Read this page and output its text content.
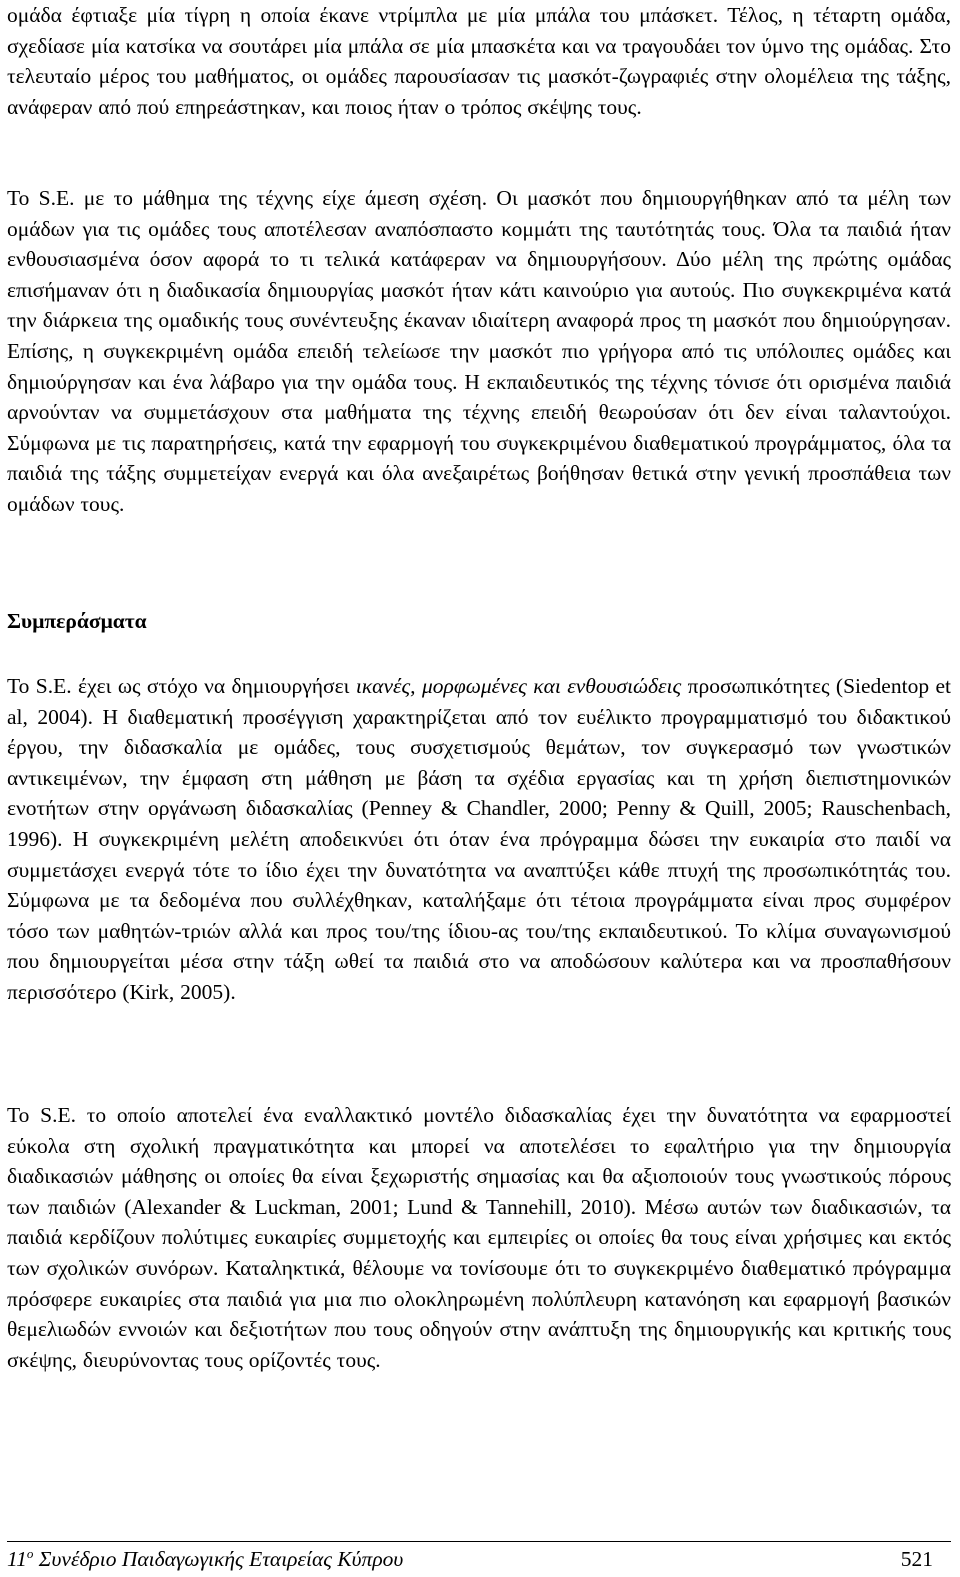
ομάδα έφτιαξε μία τίγρη η οποία έκανε ντρίμπλα με μία μπάλα του μπάσκετ. Τέλος, η τέταρτη ομάδα, σχεδίασε μία κατσίκα να σουτάρει μία μπάλα σε μία μπασκέτα και να τραγουδάει τον ύμνο της ομάδας. Στο τελευταίο μέρος του μαθήματος, οι ομάδες παρουσίασαν τις μασκότ-ζωγραφιές στην ολομέλεια της τάξης, ανάφεραν από πού επηρεάστηκαν, και ποιος ήταν ο τρόπος σκέψης τους.

Το S.E. με το μάθημα της τέχνης είχε άμεση σχέση. Οι μασκότ που δημιουργήθηκαν από τα μέλη των ομάδων για τις ομάδες τους αποτέλεσαν αναπόσπαστο κομμάτι της ταυτότητάς τους. Όλα τα παιδιά ήταν ενθουσιασμένα όσον αφορά το τι τελικά κατάφεραν να δημιουργήσουν. Δύο μέλη της πρώτης ομάδας επισήμαναν ότι η διαδικασία δημιουργίας μασκότ ήταν κάτι καινούριο για αυτούς. Πιο συγκεκριμένα κατά την διάρκεια της ομαδικής τους συνέντευξης έκαναν ιδιαίτερη αναφορά προς τη μασκότ που δημιούργησαν. Επίσης, η συγκεκριμένη ομάδα επειδή τελείωσε την μασκότ πιο γρήγορα από τις υπόλοιπες ομάδες και δημιούργησαν και ένα λάβαρο για την ομάδα τους. Η εκπαιδευτικός της τέχνης τόνισε ότι ορισμένα παιδιά αρνούνταν να συμμετάσχουν στα μαθήματα της τέχνης επειδή θεωρούσαν ότι δεν είναι ταλαντούχοι. Σύμφωνα με τις παρατηρήσεις, κατά την εφαρμογή του συγκεκριμένου διαθεματικού προγράμματος, όλα τα παιδιά της τάξης συμμετείχαν ενεργά και όλα ανεξαιρέτως βοήθησαν θετικά στην γενική προσπάθεια των ομάδων τους.

Συμπεράσματα

Το S.E. έχει ως στόχο να δημιουργήσει ικανές, μορφωμένες και ενθουσιώδεις προσωπικότητες (Siedentop et al, 2004). Η διαθεματική προσέγγιση χαρακτηρίζεται από τον ευέλικτο προγραμματισμό του διδακτικού έργου, την διδασκαλία με ομάδες, τους συσχετισμούς θεμάτων, τον συγκερασμό των γνωστικών αντικειμένων, την έμφαση στη μάθηση με βάση τα σχέδια εργασίας και τη χρήση διεπιστημονικών ενοτήτων στην οργάνωση διδασκαλίας (Penney & Chandler, 2000; Penny & Quill, 2005; Rauschenbach, 1996). Η συγκεκριμένη μελέτη αποδεικνύει ότι όταν ένα πρόγραμμα δώσει την ευκαιρία στο παιδί να συμμετάσχει ενεργά τότε το ίδιο έχει την δυνατότητα να αναπτύξει κάθε πτυχή της προσωπικότητάς του. Σύμφωνα με τα δεδομένα που συλλέχθηκαν, καταλήξαμε ότι τέτοια προγράμματα είναι προς συμφέρον τόσο των μαθητών-τριών αλλά και προς του/της ίδιου-ας του/της εκπαιδευτικού. Το κλίμα συναγωνισμού που δημιουργείται μέσα στην τάξη ωθεί τα παιδιά στο να αποδώσουν καλύτερα και να προσπαθήσουν περισσότερο (Kirk, 2005).

Το S.E. το οποίο αποτελεί ένα εναλλακτικό μοντέλο διδασκαλίας έχει την δυνατότητα να εφαρμοστεί εύκολα στη σχολική πραγματικότητα και μπορεί να αποτελέσει το εφαλτήριο για την δημιουργία διαδικασιών μάθησης οι οποίες θα είναι ξεχωριστής σημασίας και θα αξιοποιούν τους γνωστικούς πόρους των παιδιών (Alexander & Luckman, 2001; Lund & Tannehill, 2010). Μέσω αυτών των διαδικασιών, τα παιδιά κερδίζουν πολύτιμες ευκαιρίες συμμετοχής και εμπειρίες οι οποίες θα τους είναι χρήσιμες και εκτός των σχολικών συνόρων. Καταληκτικά, θέλουμε να τονίσουμε ότι το συγκεκριμένο διαθεματικό πρόγραμμα πρόσφερε ευκαιρίες στα παιδιά για μια πιο ολοκληρωμένη πολύπλευρη κατανόηση και εφαρμογή βασικών θεμελιωδών εννοιών και δεξιοτήτων που τους οδηγούν στην ανάπτυξη της δημιουργικής και κριτικής τους σκέψης, διευρύνοντας τους ορίζοντές τους.

$11^o$ Συνέδριο Παιδαγωγικής Εταιρείας Κύπρου	521
